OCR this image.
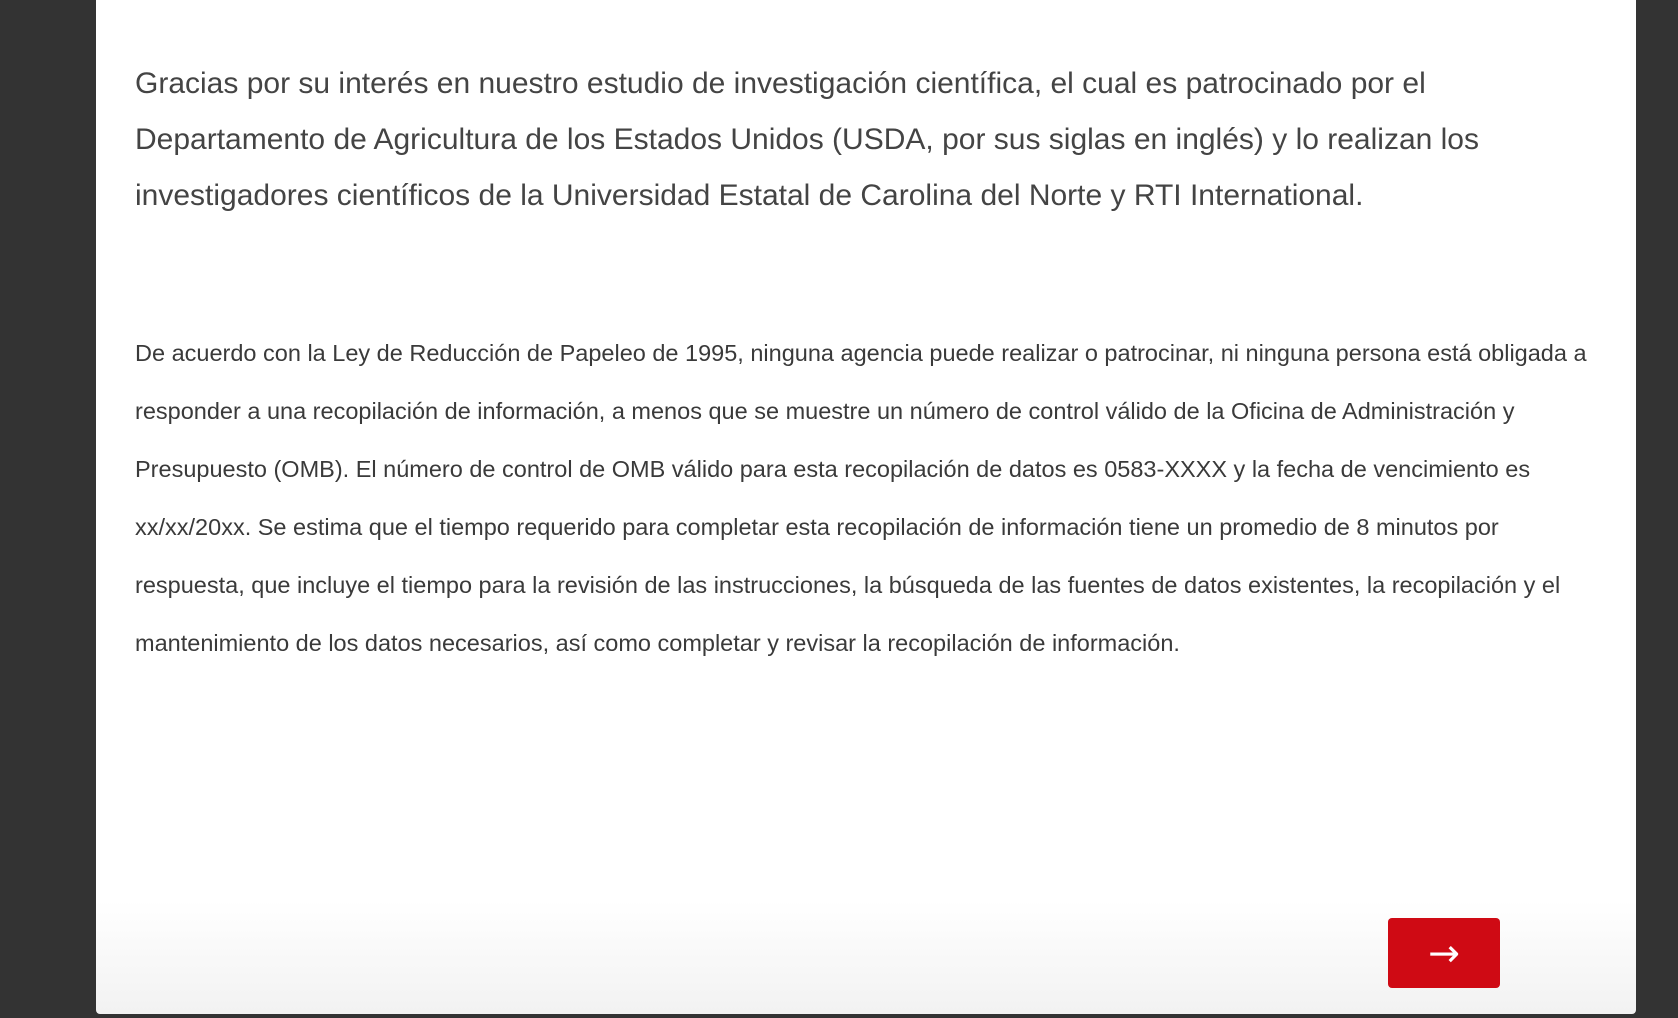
Gracias por su interés en nuestro estudio de investigación científica, el cual es patrocinado por el Departamento de Agricultura de los Estados Unidos (USDA, por sus siglas en inglés) y lo realizan los investigadores científicos de la Universidad Estatal de Carolina del Norte y RTI International.

De acuerdo con la Ley de Reducción de Papeleo de 1995, ninguna agencia puede realizar o patrocinar, ni ninguna persona está obligada a responder a una recopilación de información, a menos que se muestre un número de control válido de la Oficina de Administración y Presupuesto (OMB). El número de control de OMB válido para esta recopilación de datos es 0583-XXXX y la fecha de vencimiento es xx/xx/20xx. Se estima que el tiempo requerido para completar esta recopilación de información tiene un promedio de 8 minutos por respuesta, que incluye el tiempo para la revisión de las instrucciones, la búsqueda de las fuentes de datos existentes, la recopilación y el mantenimiento de los datos necesarios, así como completar y revisar la recopilación de información.

→
